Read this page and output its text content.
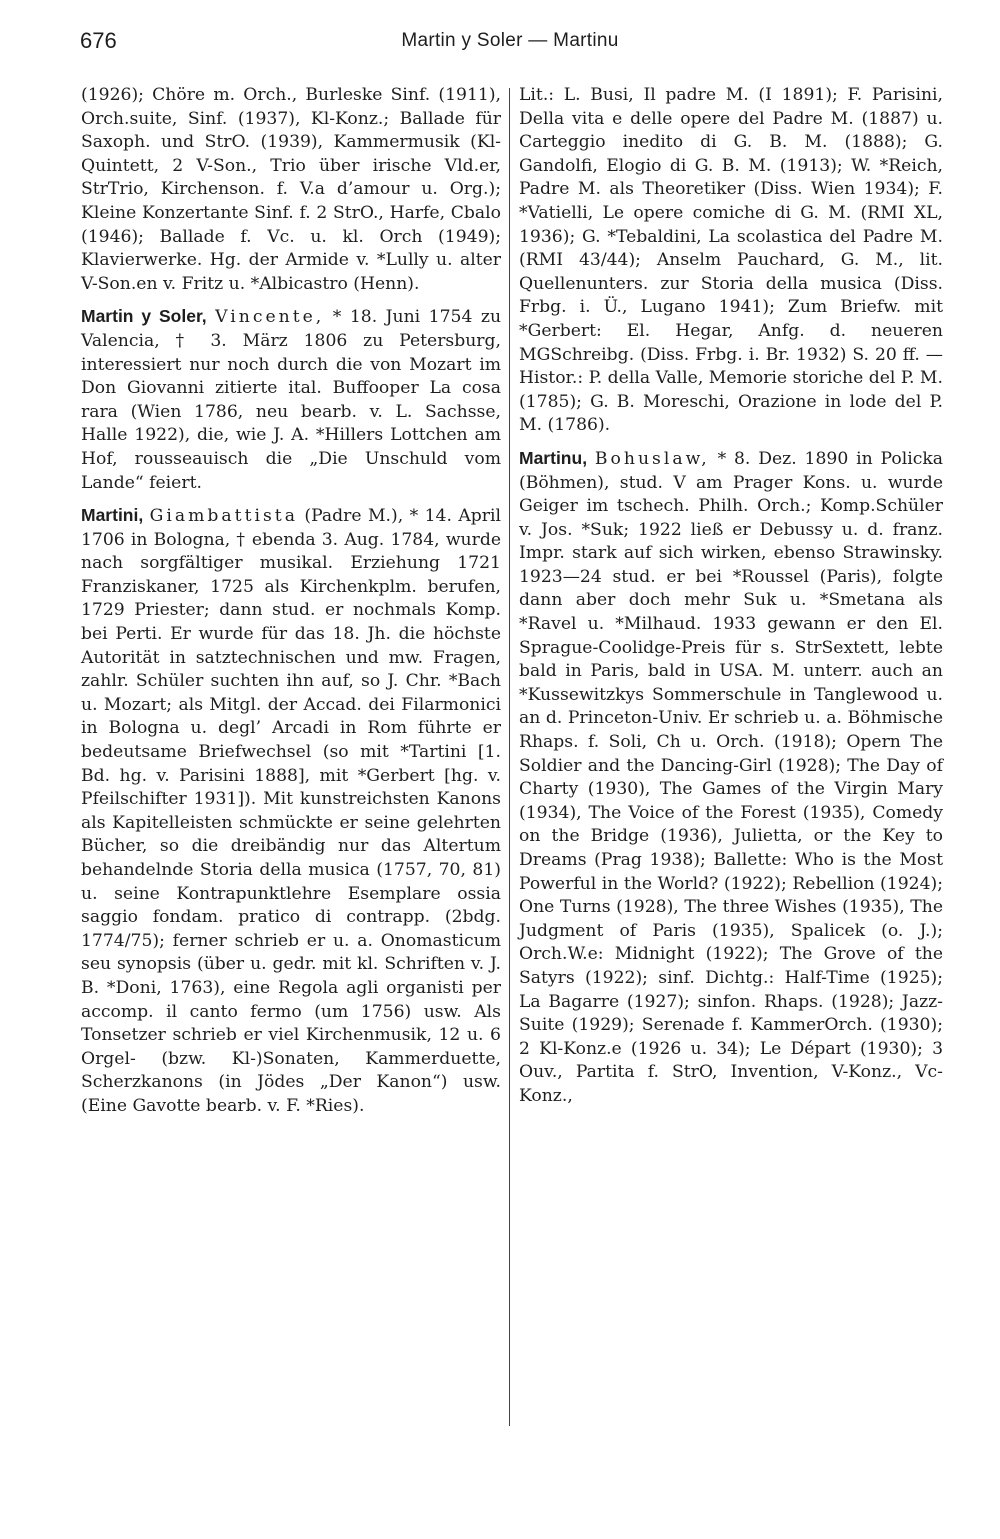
676	Martin y Soler — Martinu

(1926); Chöre m. Orch., Burleske Sinf. (1911), Orch.suite, Sinf. (1937), Kl-Konz.; Ballade für Saxoph. und StrO. (1939), Kammermusik (Kl-Quintett, 2 V-Son., Trio über irische Vld.er, StrTrio, Kirchenson. f. V.a d’amour u. Org.); Kleine Konzertante Sinf. f. 2 StrO., Harfe, Cbalo (1946); Ballade f. Vc. u. kl. Orch (1949); Klavierwerke. Hg. der Armide v. *Lully u. alter V-Son.en v. Fritz u. *Albicastro (Henn).

Martin y Soler, Vincente, * 18. Juni 1754 zu Valencia, † 3. März 1806 zu Petersburg, interessiert nur noch durch die von Mozart im Don Giovanni zitierte ital. Buffooper La cosa rara (Wien 1786, neu bearb. v. L. Sachsse, Halle 1922), die, wie J. A. *Hillers Lottchen am Hof, rousseauisch die „Die Unschuld vom Lande“ feiert.

Martini, Giambattista (Padre M.), * 14. April 1706 in Bologna, † ebenda 3. Aug. 1784, wurde nach sorgfältiger musikal. Erziehung 1721 Franziskaner, 1725 als Kirchenkplm. berufen, 1729 Priester; dann stud. er nochmals Komp. bei Perti. Er wurde für das 18. Jh. die höchste Autorität in satztechnischen und mw. Fragen, zahlr. Schüler suchten ihn auf, so J. Chr. *Bach u. Mozart; als Mitgl. der Accad. dei Filarmonici in Bologna u. degl’ Arcadi in Rom führte er bedeutsame Briefwechsel (so mit *Tartini [1. Bd. hg. v. Parisini 1888], mit *Gerbert [hg. v. Pfeilschifter 1931]). Mit kunstreichsten Kanons als Kapitelleisten schmückte er seine gelehrten Bücher, so die dreibändig nur das Altertum behandelnde Storia della musica (1757, 70, 81) u. seine Kontrapunktlehre Esemplare ossia saggio fondam. pratico di contrapp. (2bdg. 1774/75); ferner schrieb er u. a. Onomasticum seu synopsis (über u. gedr. mit kl. Schriften v. J. B. *Doni, 1763), eine Regola agli organisti per accomp. il canto fermo (um 1756) usw. Als Tonsetzer schrieb er viel Kirchenmusik, 12 u. 6 Orgel- (bzw. Kl-)Sonaten, Kammerduette, Scherzkanons (in Jödes „Der Kanon“) usw. (Eine Gavotte bearb. v. F. *Ries).

Lit.: L. Busi, Il padre M. (I 1891); F. Parisini, Della vita e delle opere del Padre M. (1887) u. Carteggio inedito di G. B. M. (1888); G. Gandolfi, Elogio di G. B. M. (1913); W. *Reich, Padre M. als Theoretiker (Diss. Wien 1934); F. *Vatielli, Le opere comiche di G. M. (RMI XL, 1936); G. *Tebaldini, La scolastica del Padre M. (RMI 43/44); Anselm Pauchard, G. M., lit. Quellenunters. zur Storia della musica (Diss. Frbg. i. Ü., Lugano 1941); Zum Briefw. mit *Gerbert: El. Hegar, Anfg. d. neueren MGSchreibg. (Diss. Frbg. i. Br. 1932) S. 20 ff. — Histor.: P. della Valle, Memorie storiche del P. M. (1785); G. B. Moreschi, Orazione in lode del P. M. (1786).

Martinu, Bohuslaw, * 8. Dez. 1890 in Policka (Böhmen), stud. V am Prager Kons. u. wurde Geiger im tschech. Philh. Orch.; Komp.Schüler v. Jos. *Suk; 1922 ließ er Debussy u. d. franz. Impr. stark auf sich wirken, ebenso Strawinsky. 1923—24 stud. er bei *Roussel (Paris), folgte dann aber doch mehr Suk u. *Smetana als *Ravel u. *Milhaud. 1933 gewann er den El. Sprague-Coolidge-Preis für s. StrSextett, lebte bald in Paris, bald in USA. M. unterr. auch an *Kussewitzkys Sommerschule in Tanglewood u. an d. Princeton-Univ. Er schrieb u. a. Böhmische Rhaps. f. Soli, Ch u. Orch. (1918); Opern The Soldier and the Dancing-Girl (1928); The Day of Charty (1930), The Games of the Virgin Mary (1934), The Voice of the Forest (1935), Comedy on the Bridge (1936), Julietta, or the Key to Dreams (Prag 1938); Ballette: Who is the Most Powerful in the World? (1922); Rebellion (1924); One Turns (1928), The three Wishes (1935), The Judgment of Paris (1935), Spalicek (o. J.); Orch.W.e: Midnight (1922); The Grove of the Satyrs (1922); sinf. Dichtg.: Half-Time (1925); La Bagarre (1927); sinfon. Rhaps. (1928); Jazz-Suite (1929); Serenade f. KammerOrch. (1930); 2 Kl-Konz.e (1926 u. 34); Le Départ (1930); 3 Ouv., Partita f. StrO, Invention, V-Konz., Vc-Konz.,
